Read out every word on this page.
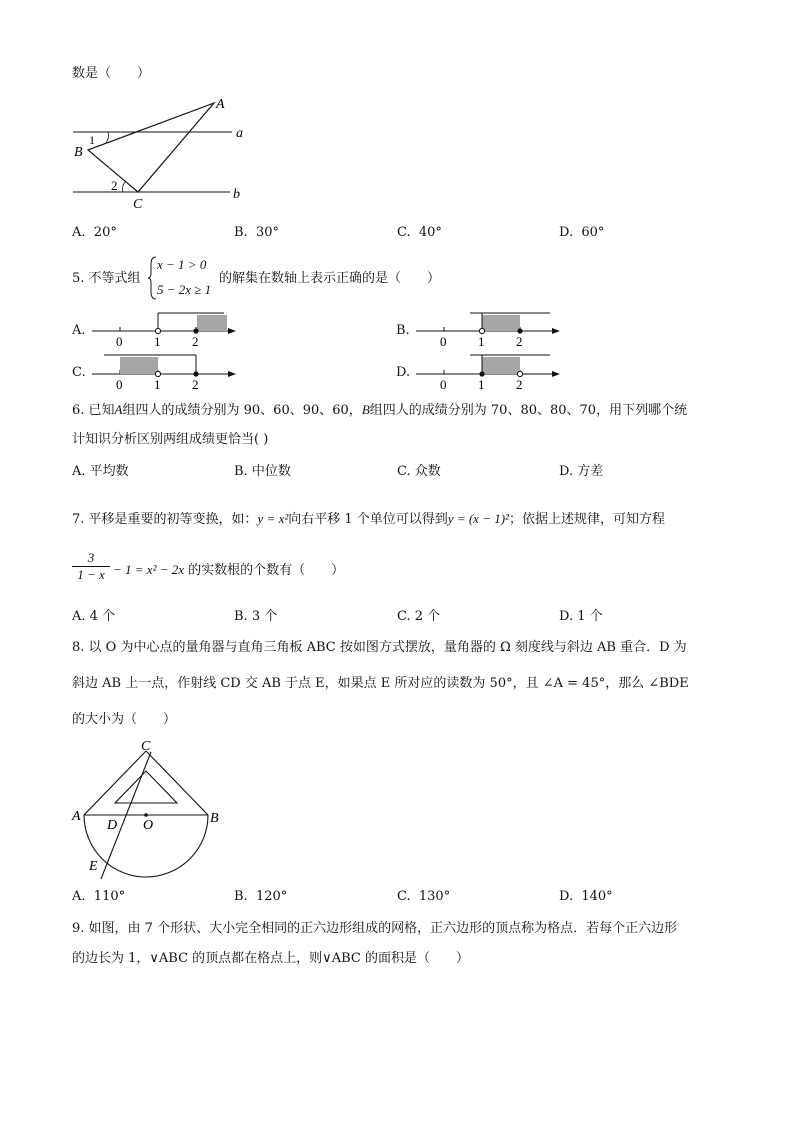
数是（　　）
A
B
C
a
b
1
2
A. 20°	B. 30°	C. 40°	D. 60°
5. 不等式组
x − 1 > 0
5 − 2x ≥ 1
的解集在数轴上表示正确的是（　　）
A.
0 1 2
B.
0 1 2
C.
0 1 2
D.
0 1 2
6. 已知A组四人的成绩分别为 90、60、90、60，B组四人的成绩分别为 70、80、80、70，用下列哪个统
计知识分析区别两组成绩更恰当( )
A. 平均数	B. 中位数	C. 众数	D. 方差
7. 平移是重要的初等变换，如：y = x²向右平移 1 个单位可以得到y = (x − 1)²；依据上述规律，可知方程
$\frac{3}{1 - x} - 1 = x^2 - 2x$ 的实数根的个数有（　　）
A. 4 个	B. 3 个	C. 2 个	D. 1 个
8. 以 O 为中心点的量角器与直角三角板 ABC 按如图方式摆放，量角器的 Ω 刻度线与斜边 AB 重合．D 为
斜边 AB 上一点，作射线 CD 交 AB 于点 E，如果点 E 所对应的读数为 50°，且 ∠A = 45°，那么 ∠BDE
的大小为（　　）
A	B
C
D O
E
A. 110°	B. 120°	C. 130°	D. 140°
9. 如图，由 7 个形状、大小完全相同的正六边形组成的网格，正六边形的顶点称为格点．若每个正六边形
的边长为 1，∨ABC 的顶点都在格点上，则∨ABC 的面积是（　　）
